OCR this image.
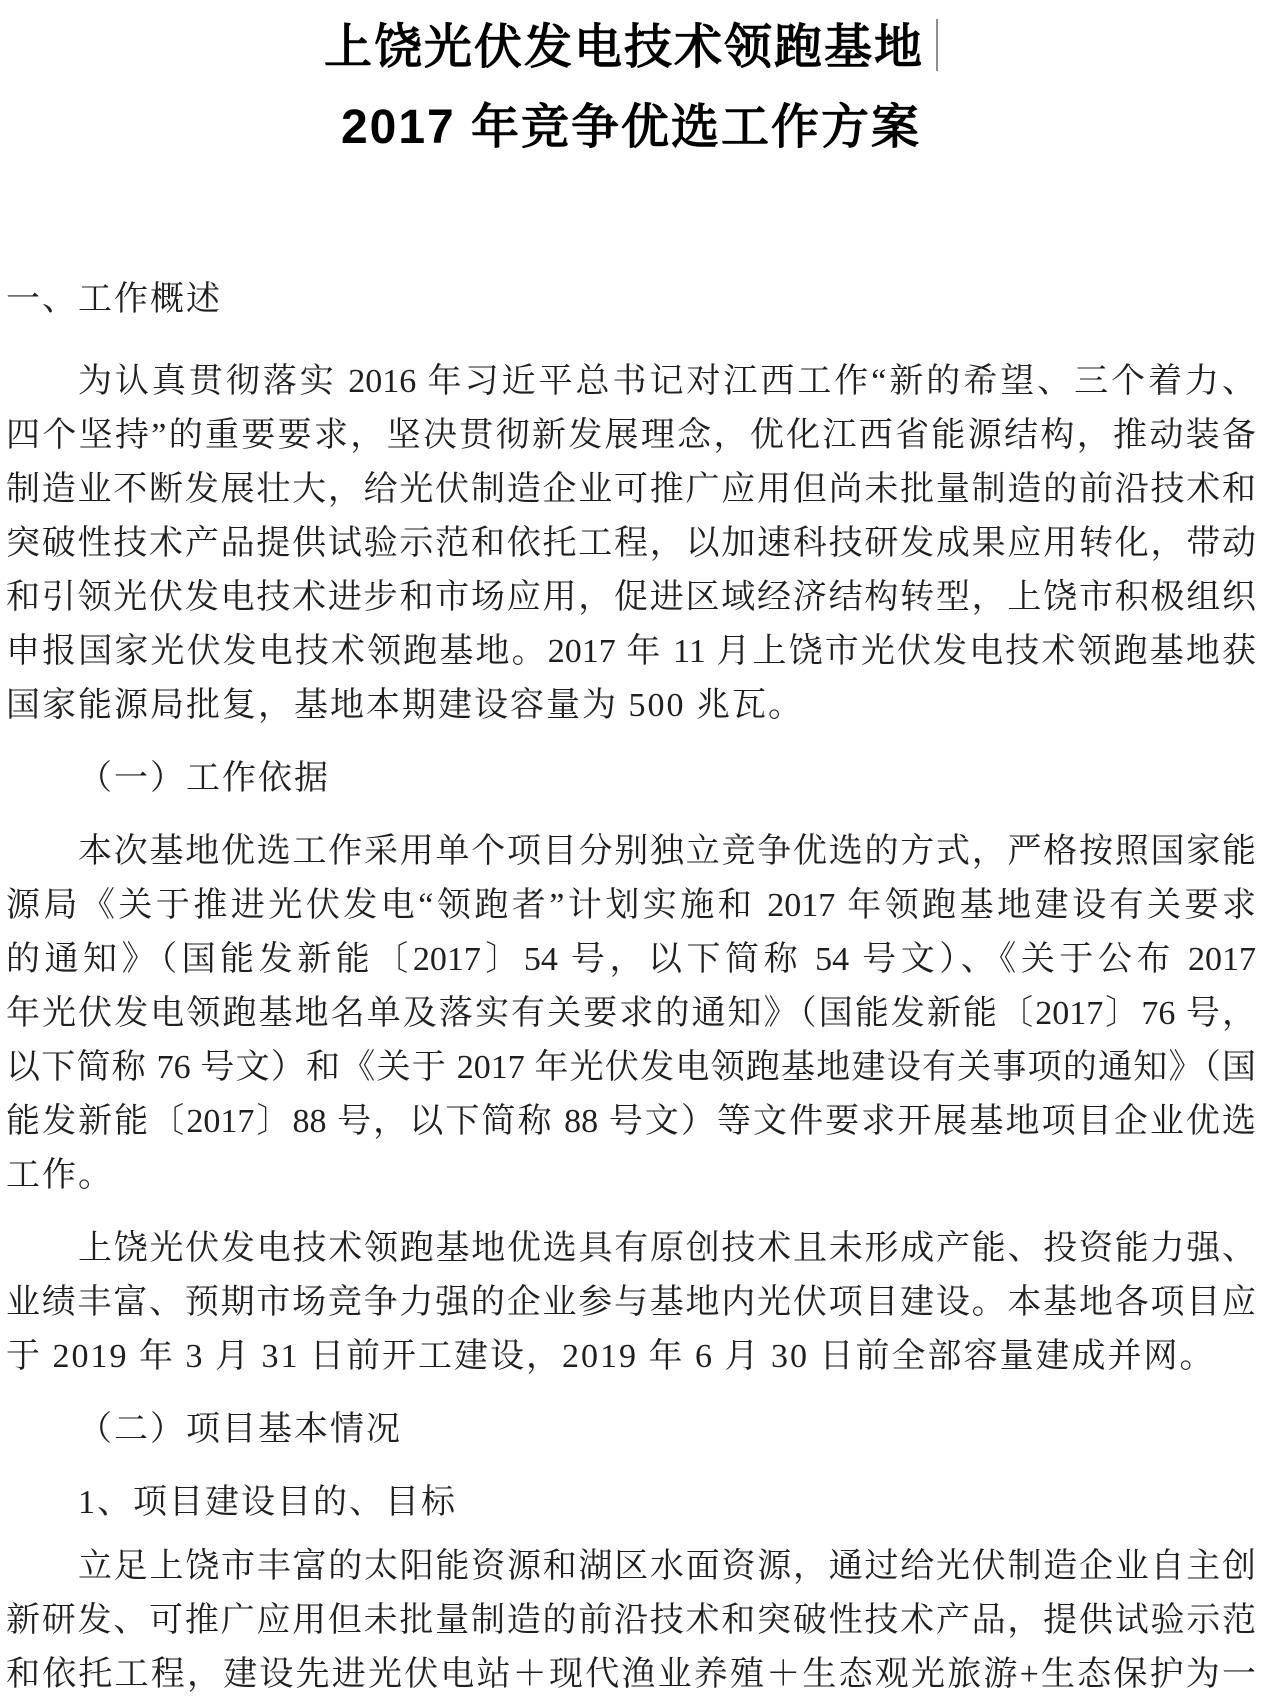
上饶光伏发电技术领跑基地
2017 年竞争优选工作方案
一、工作概述
为认真贯彻落实 2016 年习近平总书记对江西工作“新的希望、三个着力、
四个坚持”的重要要求，坚决贯彻新发展理念，优化江西省能源结构，推动装备
制造业不断发展壮大，给光伏制造企业可推广应用但尚未批量制造的前沿技术和
突破性技术产品提供试验示范和依托工程，以加速科技研发成果应用转化，带动
和引领光伏发电技术进步和市场应用，促进区域经济结构转型，上饶市积极组织
申报国家光伏发电技术领跑基地。2017 年 11 月上饶市光伏发电技术领跑基地获
国家能源局批复，基地本期建设容量为 500 兆瓦。
（一）工作依据
本次基地优选工作采用单个项目分别独立竞争优选的方式，严格按照国家能
源局《关于推进光伏发电“领跑者”计划实施和 2017 年领跑基地建设有关要求
的通知》（国能发新能〔2017〕54 号，以下简称 54 号文）、《关于公布 2017
年光伏发电领跑基地名单及落实有关要求的通知》（国能发新能〔2017〕76 号，
以下简称 76 号文）和《关于 2017 年光伏发电领跑基地建设有关事项的通知》（国
能发新能〔2017〕88 号，以下简称 88 号文）等文件要求开展基地项目企业优选
工作。
上饶光伏发电技术领跑基地优选具有原创技术且未形成产能、投资能力强、
业绩丰富、预期市场竞争力强的企业参与基地内光伏项目建设。本基地各项目应
于 2019 年 3 月 31 日前开工建设，2019 年 6 月 30 日前全部容量建成并网。
（二）项目基本情况
1、项目建设目的、目标
立足上饶市丰富的太阳能资源和湖区水面资源，通过给光伏制造企业自主创
新研发、可推广应用但未批量制造的前沿技术和突破性技术产品，提供试验示范
和依托工程，建设先进光伏电站＋现代渔业养殖＋生态观光旅游+生态保护为一
